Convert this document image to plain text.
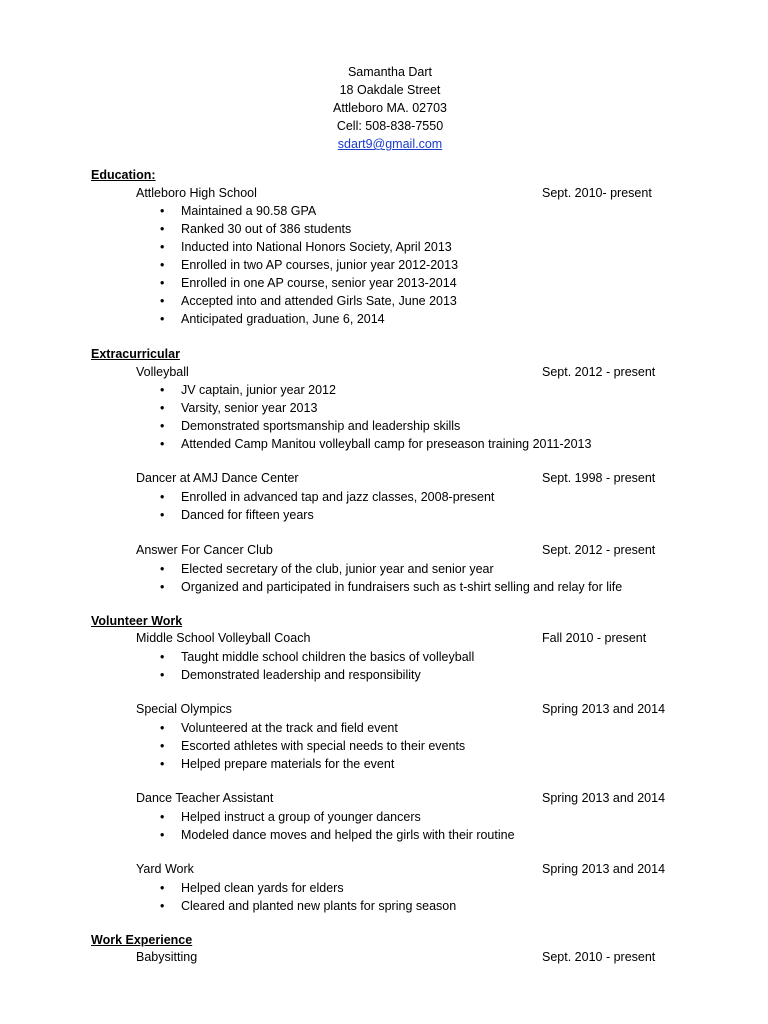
Samantha Dart
18 Oakdale Street
Attleboro MA. 02703
Cell: 508-838-7550
sdart9@gmail.com
Education:
Attleboro High School	Sept. 2010- present
• Maintained a 90.58 GPA
• Ranked 30 out of 386 students
• Inducted into National Honors Society, April 2013
• Enrolled in two AP courses, junior year 2012-2013
• Enrolled in one AP course, senior year 2013-2014
• Accepted into and attended Girls Sate, June 2013
• Anticipated graduation, June 6, 2014
Extracurricular
Volleyball	Sept. 2012 - present
• JV captain, junior year 2012
• Varsity, senior year 2013
• Demonstrated sportsmanship and leadership skills
• Attended Camp Manitou volleyball camp for preseason training 2011-2013
Dancer at AMJ Dance Center	Sept. 1998 - present
• Enrolled in advanced tap and jazz classes, 2008-present
• Danced for fifteen years
Answer For Cancer Club	Sept. 2012 - present
• Elected secretary of the club, junior year and senior year
• Organized and participated in fundraisers such as t-shirt selling and relay for life
Volunteer Work
Middle School Volleyball Coach	Fall 2010 - present
• Taught middle school children the basics of volleyball
• Demonstrated leadership and responsibility
Special Olympics	Spring 2013 and 2014
• Volunteered at the track and field event
• Escorted athletes with special needs to their events
• Helped prepare materials for the event
Dance Teacher Assistant	Spring 2013 and 2014
• Helped instruct a group of younger dancers
• Modeled dance moves and helped the girls with their routine
Yard Work	Spring 2013 and 2014
• Helped clean yards for elders
• Cleared and planted new plants for spring season
Work Experience
Babysitting	Sept. 2010 - present
